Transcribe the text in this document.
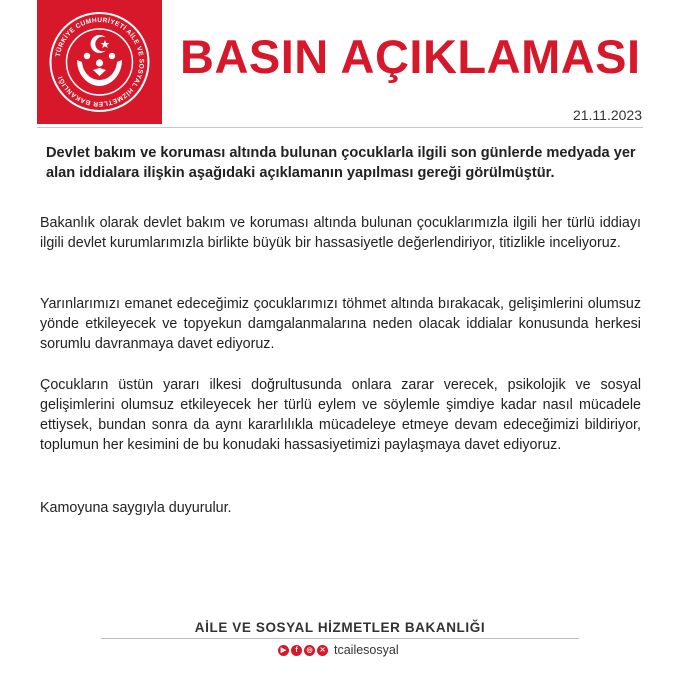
TÜRKİYE CUMHURİYETİ AİLE VE SOSYAL HİZMETLER BAKANLIĞI	BASIN AÇIKLAMASI
21.11.2023
Devlet bakım ve koruması altında bulunan çocuklarla ilgili son günlerde medyada yer alan iddialara ilişkin aşağıdaki açıklamanın yapılması gereği görülmüştür.
Bakanlık olarak devlet bakım ve koruması altında bulunan çocuklarımızla ilgili her türlü iddiayı ilgili devlet kurumlarımızla birlikte büyük bir hassasiyetle değerlendiriyor, titizlikle inceliyoruz.
Yarınlarımızı emanet edeceğimiz çocuklarımızı töhmet altında bırakacak, gelişimlerini olumsuz yönde etkileyecek ve topyekun damgalanmalarına neden olacak iddialar konusunda herkesi sorumlu davranmaya davet ediyoruz.
Çocukların üstün yararı ilkesi doğrultusunda onlara zarar verecek, psikolojik ve sosyal gelişimlerini olumsuz etkileyecek her türlü eylem ve söylemle şimdiye kadar nasıl mücadele ettiysek, bundan sonra da aynı kararlılıkla mücadeleye etmeye devam edeceğimizi bildiriyor, toplumun her kesimini de bu konudaki hassasiyetimizi paylaşmaya davet ediyoruz.
Kamoyuna saygıyla duyurulur.
AİLE VE SOSYAL HİZMETLER BAKANLIĞI
▶	f	◎	✕ tcailesosyal
